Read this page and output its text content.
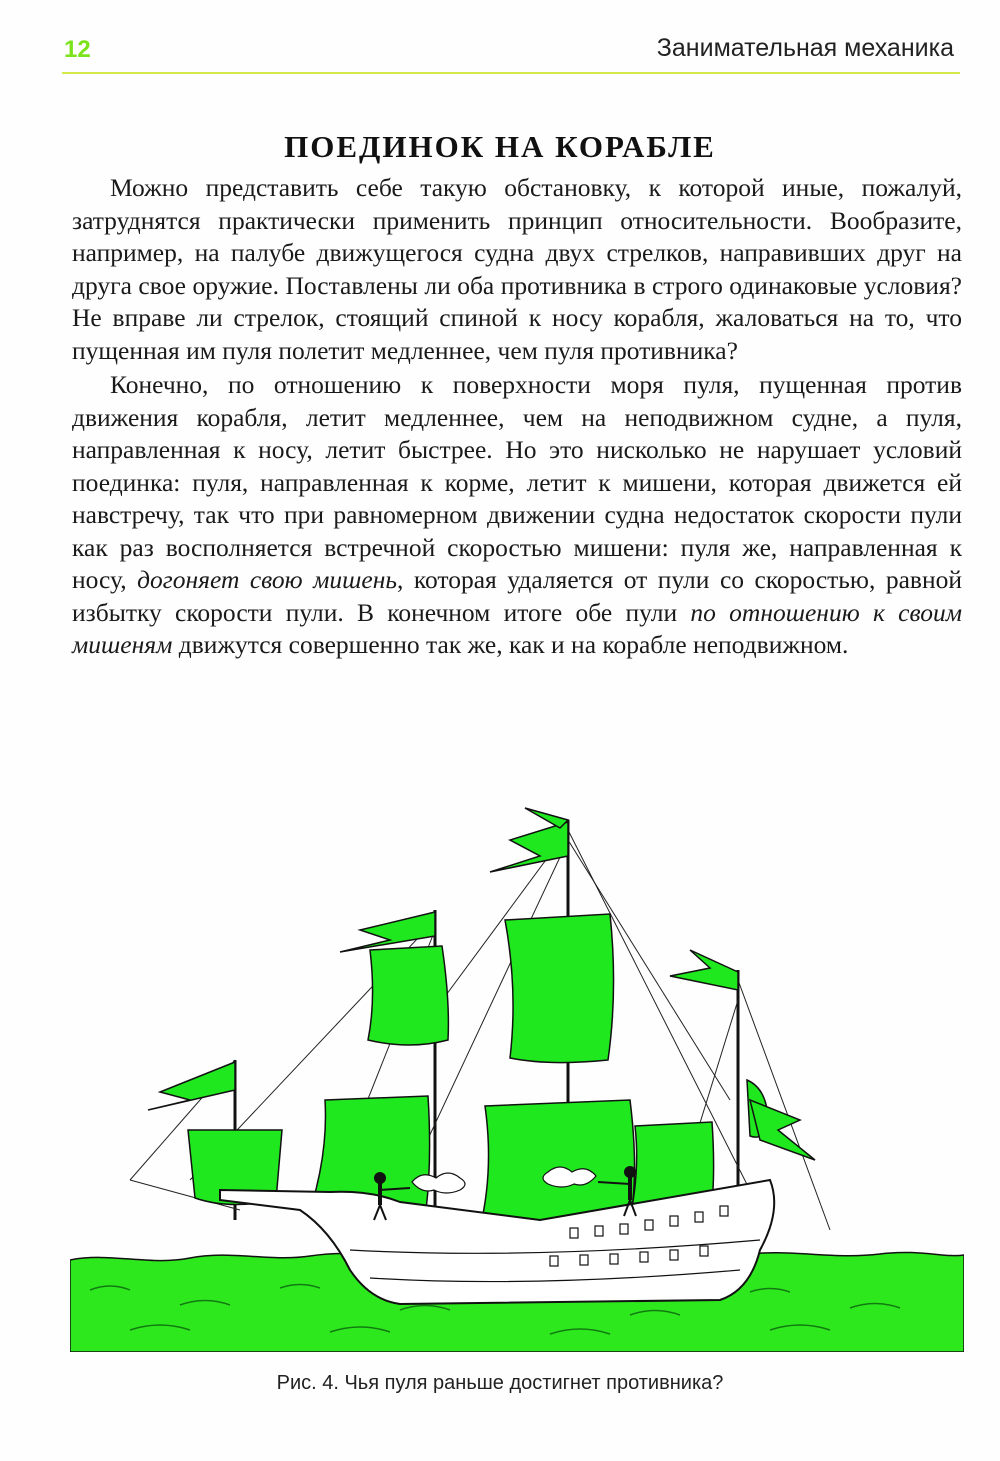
12	Занимательная механика
ПОЕДИНОК НА КОРАБЛЕ

Можно представить себе такую обстановку, к которой иные, пожалуй, затруднятся практически применить принцип относительности. Вообразите, например, на палубе движущегося судна двух стрелков, направивших друг на друга свое оружие. Поставлены ли оба противника в строго одинаковые условия? Не вправе ли стрелок, стоящий спиной к носу корабля, жаловаться на то, что пущенная им пуля полетит медленнее, чем пуля противника?

Конечно, по отношению к поверхности моря пуля, пущенная против движения корабля, летит медленнее, чем на неподвижном судне, а пуля, направленная к носу, летит быстрее. Но это нисколько не нарушает условий поединка: пуля, направленная к корме, летит к мишени, которая движется ей навстречу, так что при равномерном движении судна недостаток скорости пули как раз восполняется встречной скоростью мишени: пуля же, направленная к носу, догоняет свою мишень, которая удаляется от пули со скоростью, равной избытку скорости пули. В конечном итоге обе пули по отношению к своим мишеням движутся совершенно так же, как и на корабле неподвижном.

Рис. 4. Чья пуля раньше достигнет противника?
